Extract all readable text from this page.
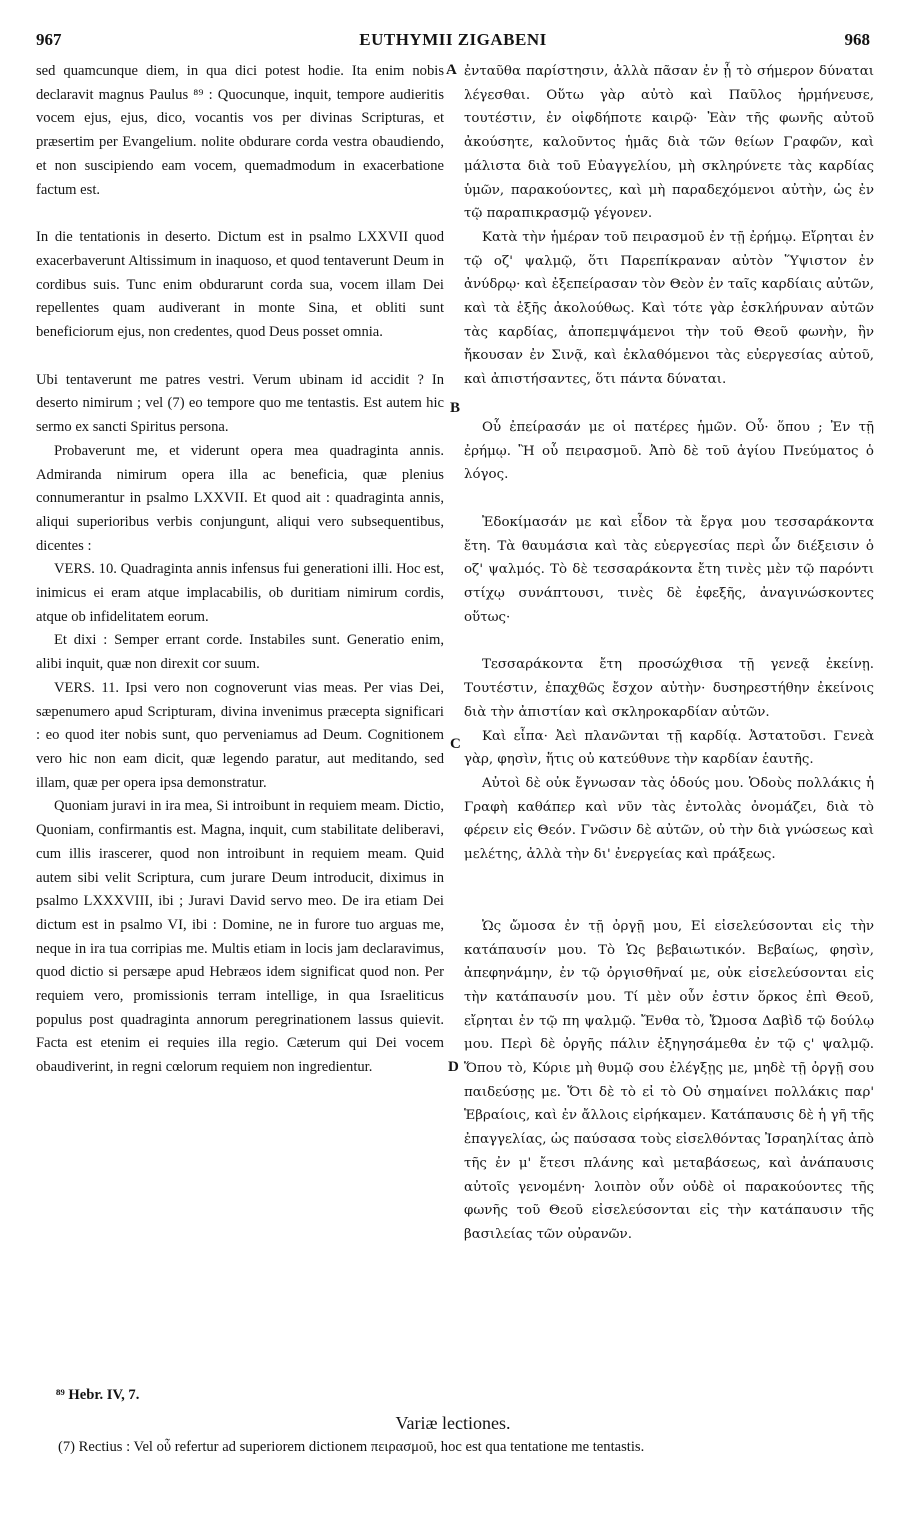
967	EUTHYMII ZIGABENI	968

sed quamcunque diem, in qua dici potest hodie. Ita enim nobis declaravit magnus Paulus ⁸⁹ : Quocunque, inquit, tempore audieritis vocem ejus, ejus, dico, vocantis vos per divinas Scripturas, et præsertim per Evangelium. nolite obdurare corda vestra obaudiendo, et non suscipiendo eam vocem, quemadmodum in exacerbatione factum est.

In die tentationis in deserto. Dictum est in psalmo LXXVII quod exacerbaverunt Altissimum in inaquoso, et quod tentaverunt Deum in cordibus suis. Tunc enim obdurarunt corda sua, vocem illam Dei repellentes quam audiverant in monte Sina, et obliti sunt beneficiorum ejus, non credentes, quod Deus posset omnia.

Ubi tentaverunt me patres vestri. Verum ubinam id accidit ? In deserto nimirum ; vel (7) eo tempore quo me tentastis. Est autem hic sermo ex sancti Spiritus persona.

Probaverunt me, et viderunt opera mea quadraginta annis. Admiranda nimirum opera illa ac beneficia, quæ plenius connumerantur in psalmo LXXVII. Et quod ait : quadraginta annis, aliqui superioribus verbis conjungunt, aliqui vero subsequentibus, dicentes :

VERS. 10. Quadraginta annis infensus fui generationi illi. Hoc est, inimicus ei eram atque implacabilis, ob duritiam nimirum cordis, atque ob infidelitatem eorum.

Et dixi : Semper errant corde. Instabiles sunt. Generatio enim, alibi inquit, quæ non direxit cor suum.

VERS. 11. Ipsi vero non cognoverunt vias meas. Per vias Dei, sæpenumero apud Scripturam, divina invenimus præcepta significari : eo quod iter nobis sunt, quo perveniamus ad Deum. Cognitionem vero hic non eam dicit, quæ legendo paratur, aut meditando, sed illam, quæ per opera ipsa demonstratur.

Quoniam juravi in ira mea, Si introibunt in requiem meam. Dictio, Quoniam, confirmantis est. Magna, inquit, cum stabilitate deliberavi, cum illis irascerer, quod non introibunt in requiem meam. Quid autem sibi velit Scriptura, cum jurare Deum introducit, diximus in psalmo LXXXVIII, ibi ; Juravi David servo meo. De ira etiam Dei dictum est in psalmo VI, ibi : Domine, ne in furore tuo arguas me, neque in ira tua corripias me. Multis etiam in locis jam declaravimus, quod dictio si persæpe apud Hebræos idem significat quod non. Per requiem vero, promissionis terram intellige, in qua Israeliticus populus post quadraginta annorum peregrinationem lassus quievit. Facta est etenim ei requies illa regio. Cæterum qui Dei vocem obaudiverint, in regni cœlorum requiem non ingredientur.

ἐνταῦθα παρίστησιν, ἀλλὰ πᾶσαν ἐν ᾗ τὸ σήμερον δύναται λέγεσθαι. Οὕτω γὰρ αὐτὸ καὶ Παῦλος ἡρμήνευσε, τουτέστιν, ἐν οἱφδήποτε καιρῷ· Ἐὰν τῆς φωνῆς αὐτοῦ ἀκούσητε, καλοῦντος ἡμᾶς διὰ τῶν θείων Γραφῶν, καὶ μάλιστα διὰ τοῦ Εὐαγγελίου, μὴ σκληρύνετε τὰς καρδίας ὑμῶν, παρακούοντες, καὶ μὴ παραδεχόμενοι αὐτὴν, ὡς ἐν τῷ παραπικρασμῷ γέγονεν.

Κατὰ τὴν ἡμέραν τοῦ πειρασμοῦ ἐν τῇ ἐρήμῳ. Εἴρηται ἐν τῷ οζ' ψαλμῷ, ὅτι Παρεπίκραναν αὐτὸν Ὕψιστον ἐν ἀνύδρῳ· καὶ ἐξεπείρασαν τὸν Θεὸν ἐν ταῖς καρδίαις αὐτῶν, καὶ τὰ ἑξῆς ἀκολούθως. Καὶ τότε γὰρ ἐσκλήρυναν αὐτῶν τὰς καρδίας, ἀποπεμψάμενοι τὴν τοῦ Θεοῦ φωνὴν, ἣν ἤκουσαν ἐν Σινᾷ, καὶ ἐκλαθόμενοι τὰς εὐεργεσίας αὐτοῦ, καὶ ἀπιστήσαντες, ὅτι πάντα δύναται.

Οὗ ἐπείρασάν με οἱ πατέρες ἡμῶν. Οὗ· ὅπου ; Ἐν τῇ ἐρήμῳ. Ἢ οὗ πειρασμοῦ. Ἀπὸ δὲ τοῦ ἁγίου Πνεύματος ὁ λόγος.

Ἐδοκίμασάν με καὶ εἶδον τὰ ἔργα μου τεσσαράκοντα ἔτη. Τὰ θαυμάσια καὶ τὰς εὐεργεσίας περὶ ὧν διέξεισιν ὁ οζ' ψαλμός. Τὸ δὲ τεσσαράκοντα ἔτη τινὲς μὲν τῷ παρόντι στίχῳ συνάπτουσι, τινὲς δὲ ἐφεξῆς, ἀναγινώσκοντες οὕτως·

Τεσσαράκοντα ἔτη προσώχθισα τῇ γενεᾷ ἐκείνῃ. Τουτέστιν, ἐπαχθῶς ἔσχον αὐτὴν· δυσηρεστήθην ἐκείνοις διὰ τὴν ἀπιστίαν καὶ σκληροκαρδίαν αὐτῶν.

Καὶ εἶπα· Ἀεὶ πλανῶνται τῇ καρδίᾳ. Ἀστατοῦσι. Γενεὰ γὰρ, φησὶν, ἥτις οὐ κατεύθυνε τὴν καρδίαν ἑαυτῆς.

Αὐτοὶ δὲ οὐκ ἔγνωσαν τὰς ὁδούς μου. Ὁδοὺς πολλάκις ἡ Γραφὴ καθάπερ καὶ νῦν τὰς ἐντολὰς ὀνομάζει, διὰ τὸ φέρειν εἰς Θεόν. Γνῶσιν δὲ αὐτῶν, οὐ τὴν διὰ γνώσεως καὶ μελέτης, ἀλλὰ τὴν δι' ἐνεργείας καὶ πράξεως.

Ὡς ὤμοσα ἐν τῇ ὀργῇ μου, Εἰ εἰσελεύσονται εἰς τὴν κατάπαυσίν μου. Τὸ Ὡς βεβαιωτικόν. Βεβαίως, φησὶν, ἀπεφηνάμην, ἐν τῷ ὀργισθῆναί με, οὐκ εἰσελεύσονται εἰς τὴν κατάπαυσίν μου. Τί μὲν οὖν ἐστιν ὅρκος ἐπὶ Θεοῦ, εἴρηται ἐν τῷ πη ψαλμῷ. Ἔνθα τὸ, Ὤμοσα Δαβὶδ τῷ δούλῳ μου. Περὶ δὲ ὀργῆς πάλιν ἐξηγησάμεθα ἐν τῷ ς' ψαλμῷ. Ὅπου τὸ, Κύριε μὴ θυμῷ σου ἐλέγξῃς με, μηδὲ τῇ ὀργῇ σου παιδεύσῃς με. Ὅτι δὲ τὸ εἰ τὸ Οὐ σημαίνει πολλάκις παρ' Ἑβραίοις, καὶ ἐν ἄλλοις εἰρήκαμεν. Κατάπαυσις δὲ ἡ γῆ τῆς ἐπαγγελίας, ὡς παύσασα τοὺς εἰσελθόντας Ἰσραηλίτας ἀπὸ τῆς ἐν μ' ἔτεσι πλάνης καὶ μεταβάσεως, καὶ ἀνάπαυσις αὐτοῖς γενομένη· λοιπὸν οὖν οὐδὲ οἱ παρακούοντες τῆς φωνῆς τοῦ Θεοῦ εἰσελεύσονται εἰς τὴν κατάπαυσιν τῆς βασιλείας τῶν οὐρανῶν.

A
B
C
D
⁸⁹ Hebr. IV, 7.
Variæ lectiones.
(7) Rectius : Vel οὗ refertur ad superiorem dictionem πειρασμοῦ, hoc est qua tentatione me tentastis.
